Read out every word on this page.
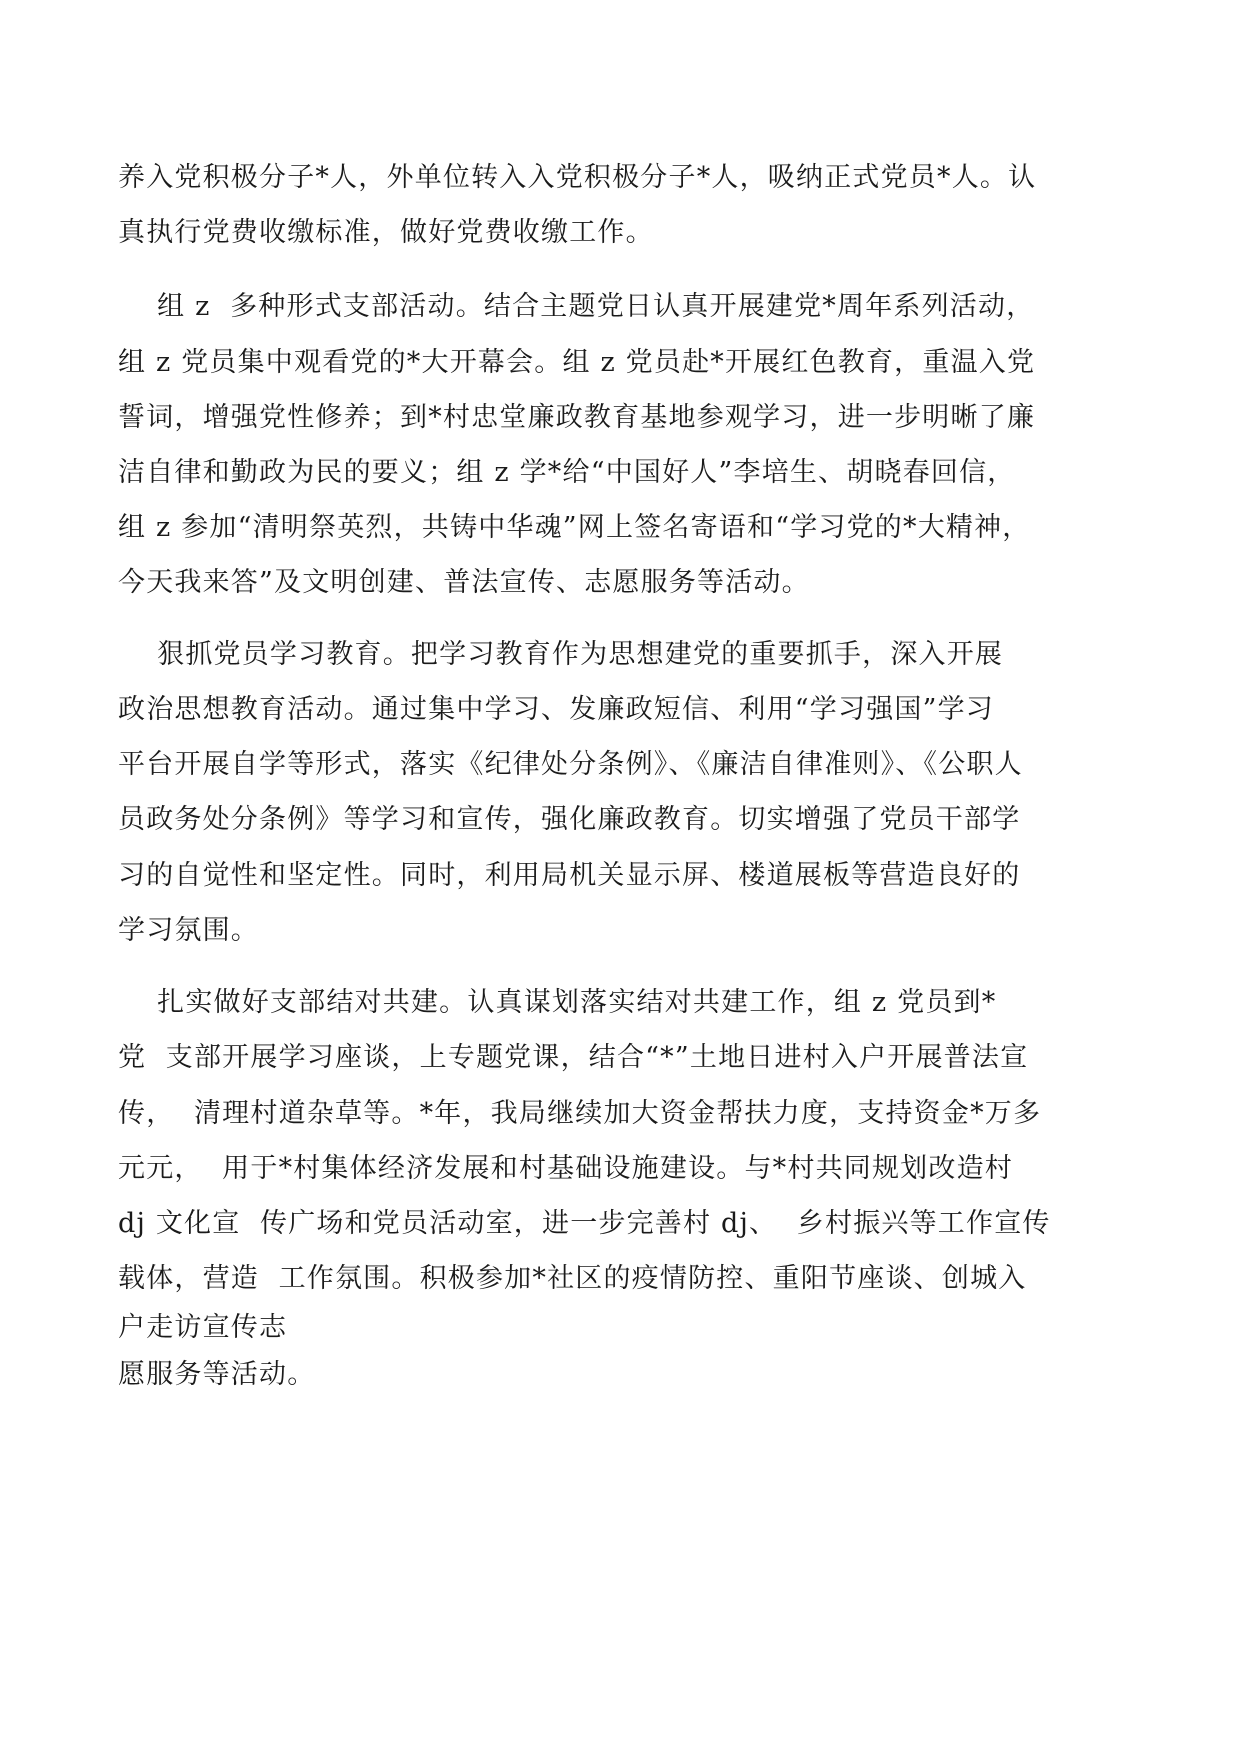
养入党积极分子*人，外单位转入入党积极分子*人，吸纳正式党员*人。认
真执行党费收缴标准，做好党费收缴工作。
组 z  多种形式支部活动。结合主题党日认真开展建党*周年系列活动，
组 z 党员集中观看党的*大开幕会。组 z 党员赴*开展红色教育，重温入党
誓词，增强党性修养；到*村忠堂廉政教育基地参观学习，进一步明晰了廉
洁自律和勤政为民的要义；组 z 学*给“中国好人”李培生、胡晓春回信，
组 z 参加“清明祭英烈，共铸中华魂”网上签名寄语和“学习党的*大精神，
今天我来答”及文明创建、普法宣传、志愿服务等活动。
狠抓党员学习教育。把学习教育作为思想建党的重要抓手，深入开展
政治思想教育活动。通过集中学习、发廉政短信、利用“学习强国”学习
平台开展自学等形式，落实《纪律处分条例》、《廉洁自律准则》、《公职人
员政务处分条例》等学习和宣传，强化廉政教育。切实增强了党员干部学
习的自觉性和坚定性。同时，利用局机关显示屏、楼道展板等营造良好的
学习氛围。
扎实做好支部结对共建。认真谋划落实结对共建工作，组 z 党员到*
党  支部开展学习座谈，上专题党课，结合“*”土地日进村入户开展普法宣
传，  清理村道杂草等。*年，我局继续加大资金帮扶力度，支持资金*万多
元元，  用于*村集体经济发展和村基础设施建设。与*村共同规划改造村
dj 文化宣  传广场和党员活动室，进一步完善村 dj、  乡村振兴等工作宣传
载体，营造  工作氛围。积极参加*社区的疫情防控、重阳节座谈、创城入
户走访宣传志
愿服务等活动。
